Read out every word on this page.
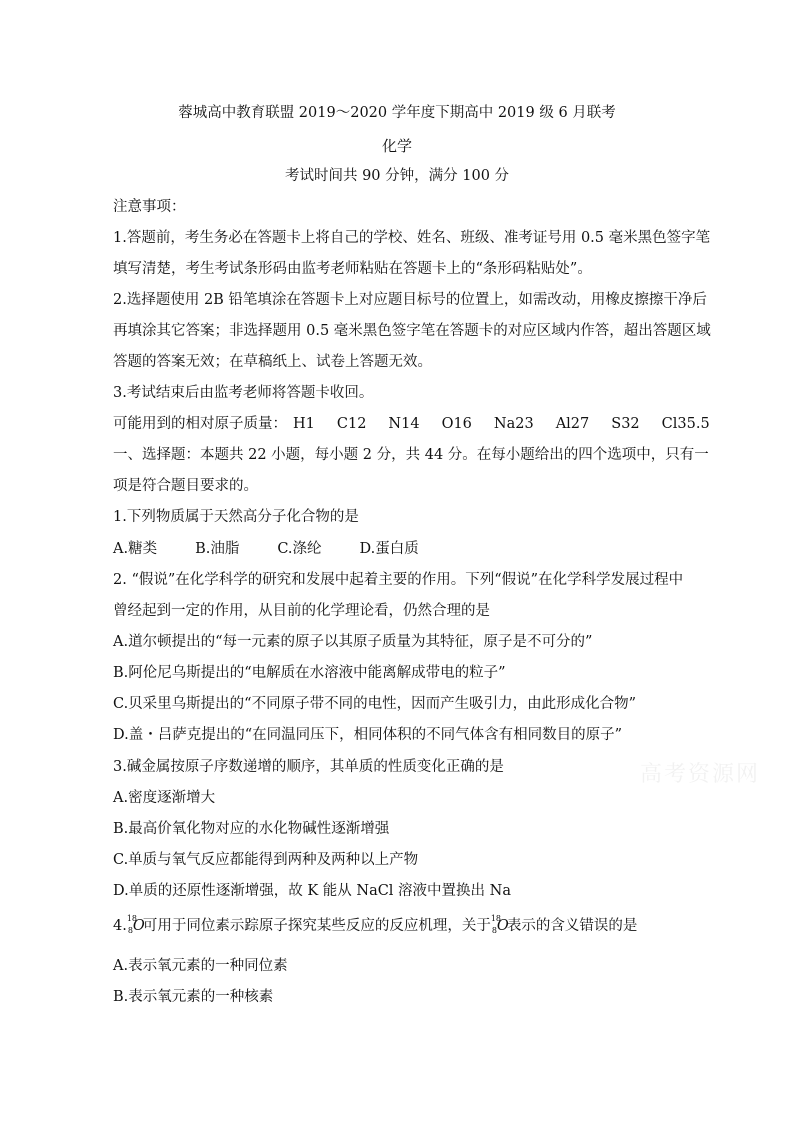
蓉城高中教育联盟 2019～2020 学年度下期高中 2019 级 6 月联考
化学
考试时间共 90 分钟，满分 100 分
注意事项：
1.答题前，考生务必在答题卡上将自己的学校、姓名、班级、准考证号用 0.5 毫米黑色签字笔
填写清楚，考生考试条形码由监考老师粘贴在答题卡上的“条形码粘贴处”。
2.选择题使用 2B 铅笔填涂在答题卡上对应题目标号的位置上，如需改动，用橡皮擦擦干净后
再填涂其它答案；非选择题用 0.5 毫米黑色签字笔在答题卡的对应区域内作答，超出答题区域
答题的答案无效；在草稿纸上、试卷上答题无效。
3.考试结束后由监考老师将答题卡收回。
可能用到的相对原子质量： H1 C12 N14 O16 Na23 Al27 S32 Cl35.5
一、选择题：本题共 22 小题，每小题 2 分，共 44 分。在每小题给出的四个选项中，只有一
项是符合题目要求的。
1.下列物质属于天然高分子化合物的是
A.糖类	B.油脂	C.涤纶	D.蛋白质
2. “假说”在化学科学的研究和发展中起着主要的作用。下列“假说”在化学科学发展过程中
曾经起到一定的作用，从目前的化学理论看，仍然合理的是
A.道尔顿提出的“每一元素的原子以其原子质量为其特征，原子是不可分的”
B.阿伦尼乌斯提出的“电解质在水溶液中能离解成带电的粒子”
C.贝采里乌斯提出的“不同原子带不同的电性，因而产生吸引力，由此形成化合物”
D.盖・吕萨克提出的“在同温同压下，相同体积的不同气体含有相同数目的原子”
3.碱金属按原子序数递增的顺序，其单质的性质变化正确的是
A.密度逐渐增大
B.最高价氧化物对应的水化物碱性逐渐增强
C.单质与氧气反应都能得到两种及两种以上产物
D.单质的还原性逐渐增强，故 K 能从 NaCl 溶液中置换出 Na
4. 18
8 O
可用于同位素示踪原子探究某些反应的反应机理，关于 18
8 O
表示的含义错误的是
A.表示氧元素的一种同位素
B.表示氧元素的一种核素
高考资源网
